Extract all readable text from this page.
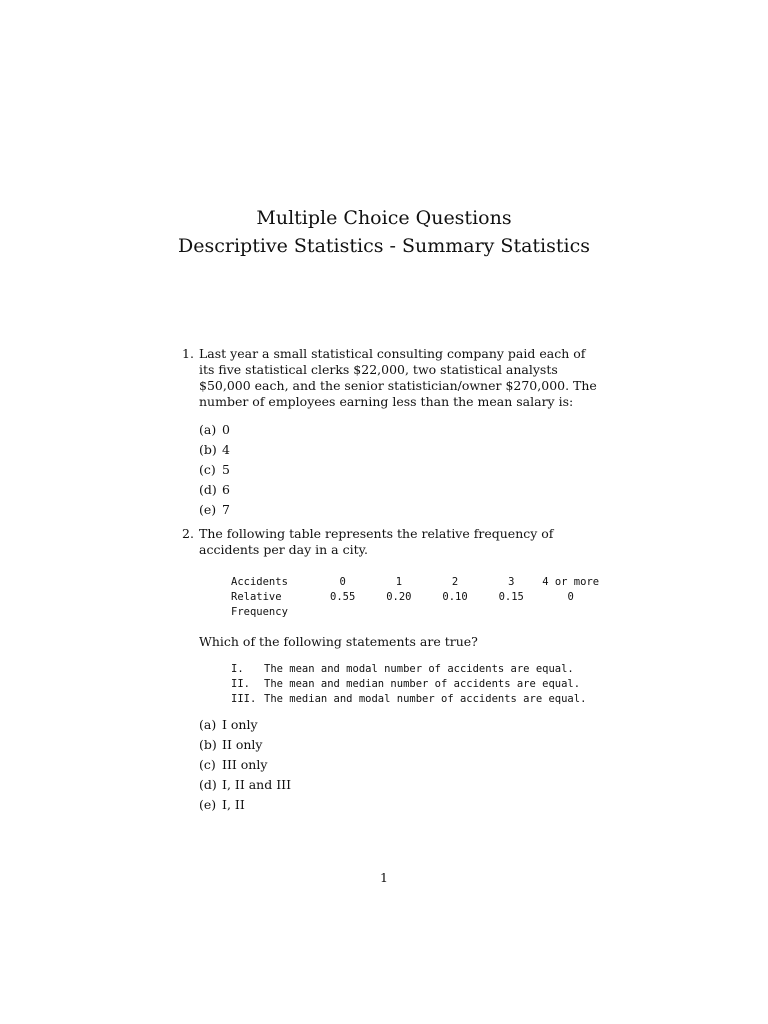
Multiple Choice Questions
Descriptive Statistics - Summary Statistics
1. Last year a small statistical consulting company paid each of its five statistical clerks $22,000, two statistical analysts $50,000 each, and the senior statistician/owner $270,000. The number of employees earning less than the mean salary is:
(a) 0
(b) 4
(c) 5
(d) 6
(e) 7
2. The following table represents the relative frequency of accidents per day in a city.
Accidents	0	1	2	3	4 or more
Relative	0.55	0.20	0.10	0.15	0
Frequency					
Which of the following statements are true?
I.	The mean and modal number of accidents are equal.
II.	The mean and median number of accidents are equal.
III. The median and modal number of accidents are equal.
(a) I only
(b) II only
(c) III only
(d) I, II and III
(e) I, II
1
